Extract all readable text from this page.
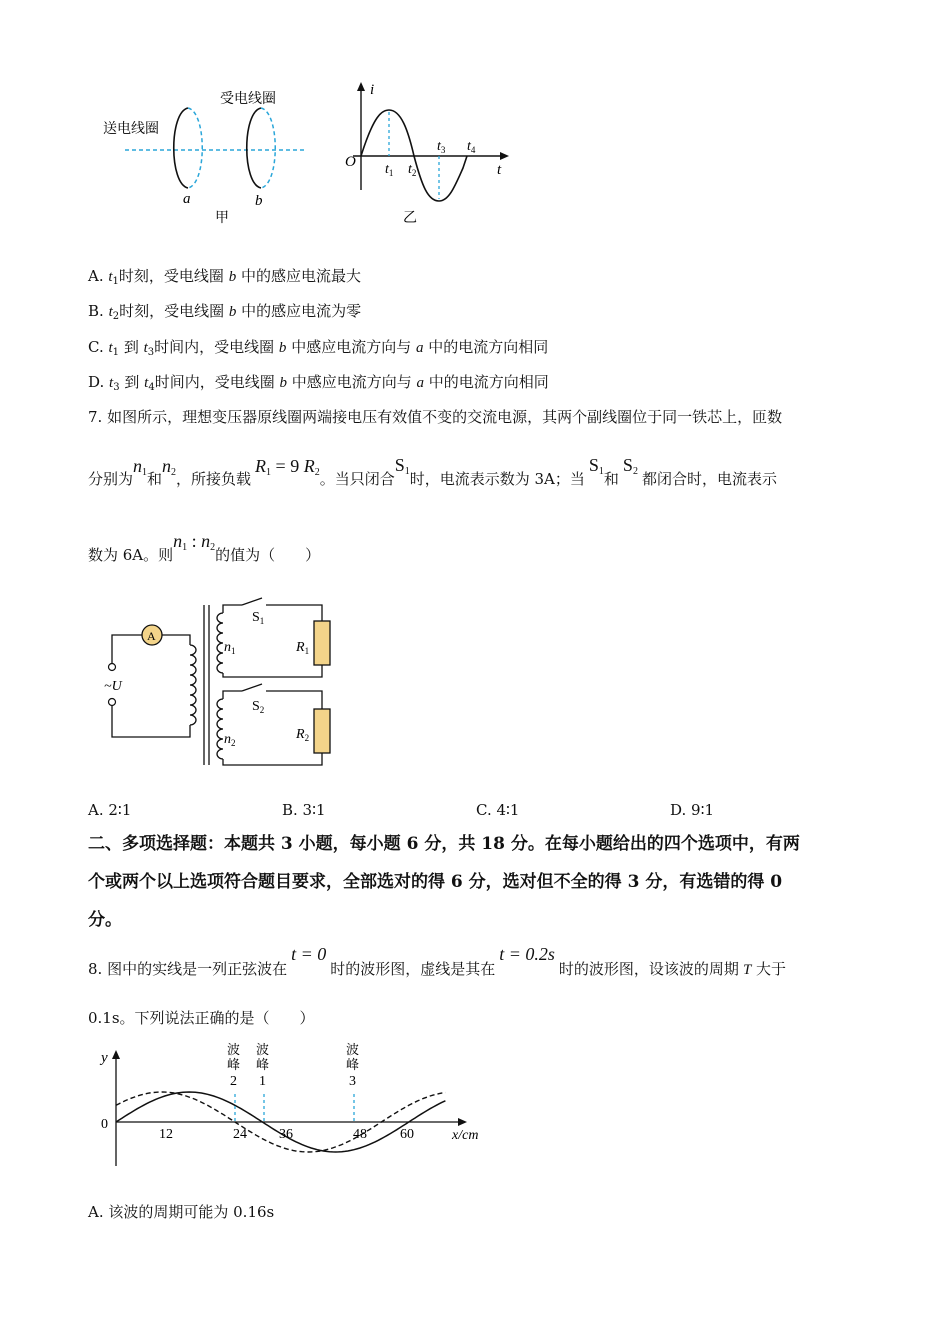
送电线圈
受电线圈
a	b
甲
i
t
O $t_1$ $t_2$
$t_3$ $t_4$
乙
A. $t_1$时刻，受电线圈 b 中的感应电流最大
B. $t_2$时刻，受电线圈 b 中的感应电流为零
C. $t_1$ 到 $t_3$时间内，受电线圈 b 中感应电流方向与 a 中的电流方向相同
D. $t_3$ 到 $t_4$时间内，受电线圈 b 中感应电流方向与 a 中的电流方向相同
7. 如图所示，理想变压器原线圈两端接电压有效值不变的交流电源，其两个副线圈位于同一铁芯上，匝数
分别为$n_1$和$n_2$，所接负载$R_1 = 9$ $R_2$。当只闭合$S_1$时，电流表示数为 3A；当$S_1$和$S_2$ 都闭合时，电流表示
数为 6A。则$n_1$ : $n_2$的值为（　　）
A
~U
$n_1$
$n_2$
$S_1$
$S_2$
$R_1$
$R_2$
A. 2∶1	B. 3∶1	C. 4∶1	D. 9∶1
二、多项选择题：本题共 3 小题，每小题 6 分，共 18 分。在每小题给出的四个选项中，有两
个或两个以上选项符合题目要求，全部选对的得 6 分，选对但不全的得 3 分，有选错的得 0
分。
8. 图中的实线是一列正弦波在t = 0时的波形图，虚线是其在t = 0.2s时的波形图，设该波的周期 T 大于
0.1s。下列说法正确的是（　　）
y
x/cm
0
12	24 36	48 60
波
峰
2
波
峰
1
波
峰
3
A. 该波的周期可能为 0.16s
